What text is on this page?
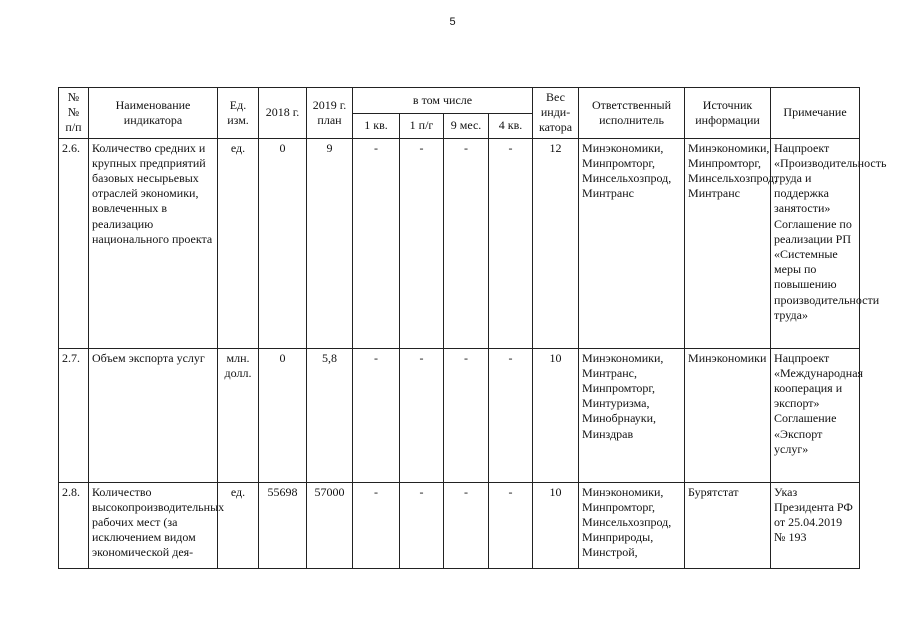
5
№ № п/п	Наименование индикатора	Ед. изм.	2018 г.	2019 г. план	в том числе				Вес инди-катора	Ответственный исполнитель	Источник информации	Примечание
					1 кв.	1 п/г	9 мес.	4 кв.				
2.6.	Количество средних и крупных предприятий базовых несырьевых отраслей экономики, вовлеченных в реализацию национального проекта	ед.	0	9	-	-	-	-	12	Минэкономики, Минпромторг, Минсельхозпрод, Минтранс	Минэкономики, Минпромторг, Минсельхозпрод, Минтранс	Нацпроект «Производительность труда и поддержка занятости» Соглашение по реализации РП «Системные меры по повышению производительности труда»
2.7.	Объем экспорта услуг	млн. долл.	0	5,8	-	-	-	-	10	Минэкономики, Минтранс, Минпромторг, Минтуризма, Минобрнауки, Минздрав	Минэкономики	Нацпроект «Международная кооперация и экспорт» Соглашение «Экспорт услуг»
2.8.	Количество высокопроизводительных рабочих мест (за исключением видом экономической дея-	ед.	55698	57000	-	-	-	-	10	Минэкономики, Минпромторг, Минсельхозпрод, Минприроды, Минстрой,	Бурятстат	Указ Президента РФ от 25.04.2019 № 193
